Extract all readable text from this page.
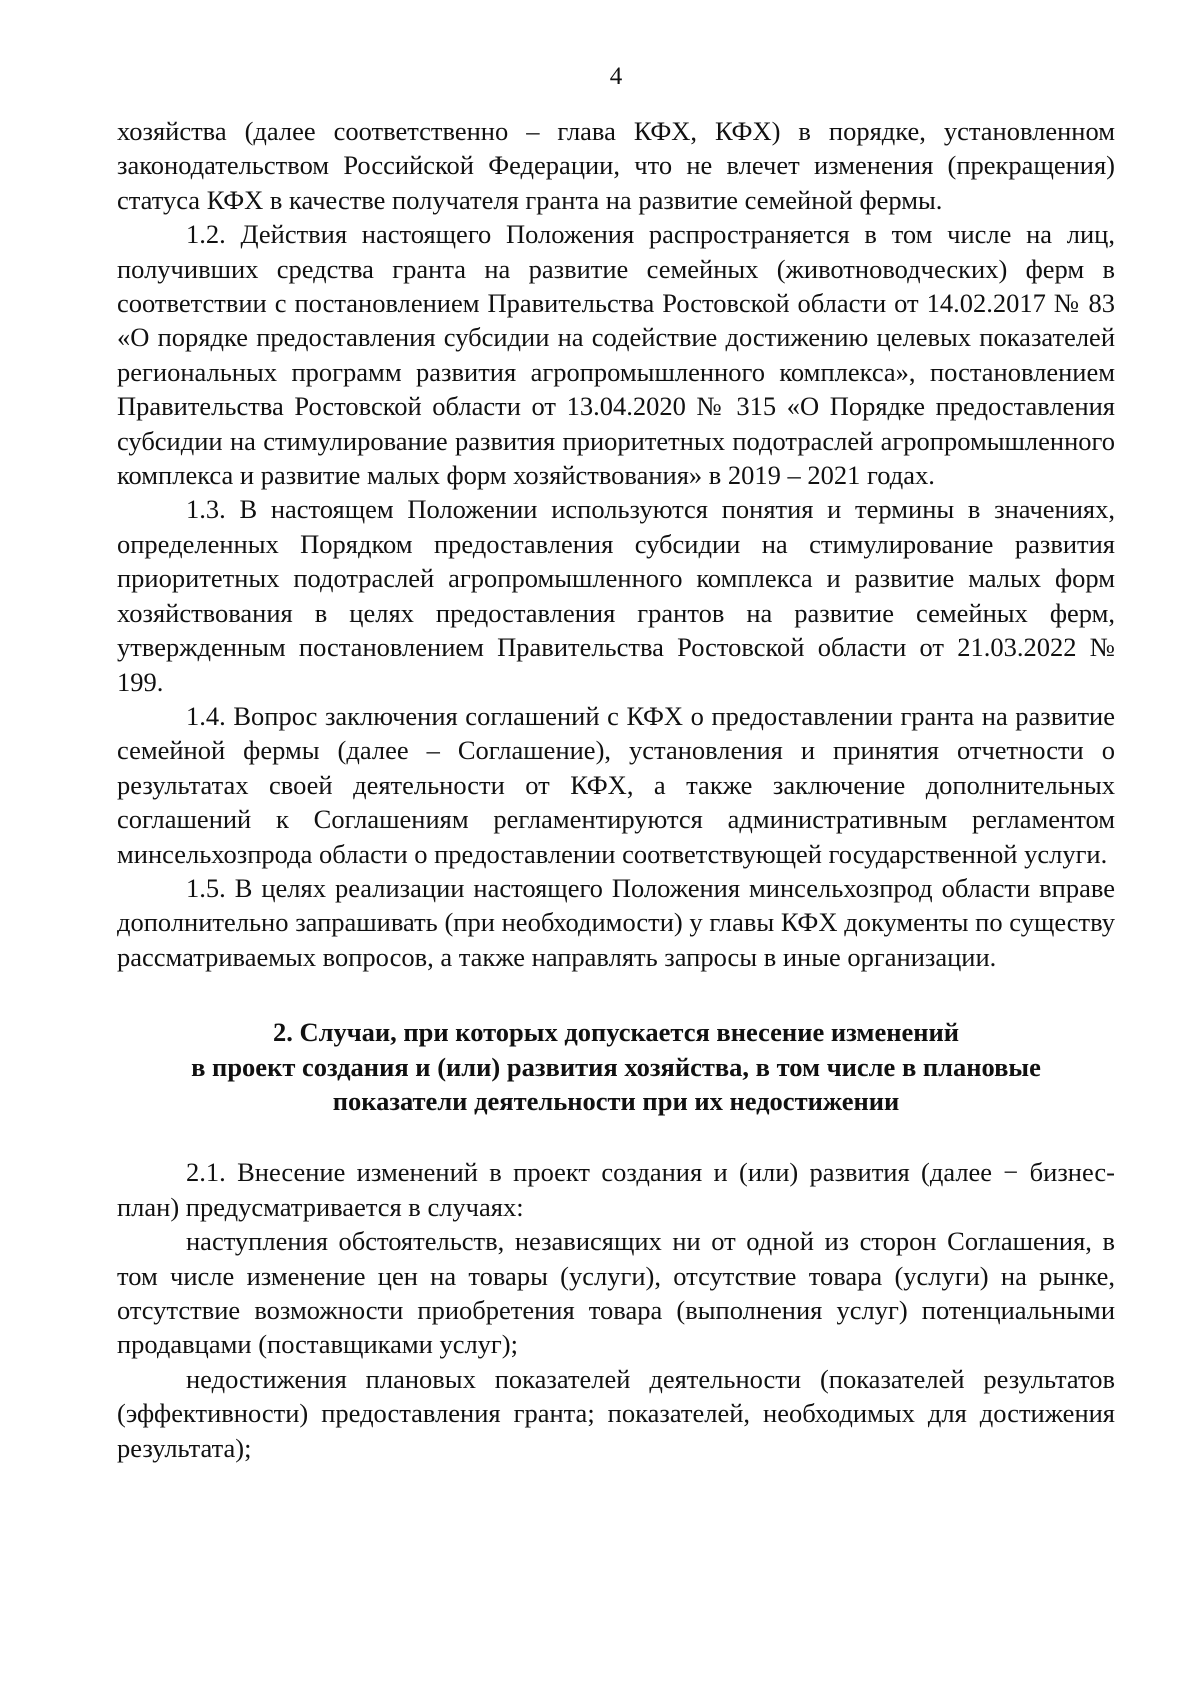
4

хозяйства (далее соответственно – глава КФХ, КФХ) в порядке, установленном законодательством Российской Федерации, что не влечет изменения (прекращения) статуса КФХ в качестве получателя гранта на развитие семейной фермы.

1.2. Действия настоящего Положения распространяется в том числе на лиц, получивших средства гранта на развитие семейных (животноводческих) ферм в соответствии с постановлением Правительства Ростовской области от 14.02.2017 № 83 «О порядке предоставления субсидии на содействие достижению целевых показателей региональных программ развития агропромышленного комплекса», постановлением Правительства Ростовской области от 13.04.2020 № 315 «О Порядке предоставления субсидии на стимулирование развития приоритетных подотраслей агропромышленного комплекса и развитие малых форм хозяйствования» в 2019 – 2021 годах.

1.3. В настоящем Положении используются понятия и термины в значениях, определенных Порядком предоставления субсидии на стимулирование развития приоритетных подотраслей агропромышленного комплекса и развитие малых форм хозяйствования в целях предоставления грантов на развитие семейных ферм, утвержденным постановлением Правительства Ростовской области от 21.03.2022 № 199.

1.4. Вопрос заключения соглашений с КФХ о предоставлении гранта на развитие семейной фермы (далее – Соглашение), установления и принятия отчетности о результатах своей деятельности от КФХ, а также заключение дополнительных соглашений к Соглашениям регламентируются административным регламентом минсельхозпрода области о предоставлении соответствующей государственной услуги.

1.5. В целях реализации настоящего Положения минсельхозпрод области вправе дополнительно запрашивать (при необходимости) у главы КФХ документы по существу рассматриваемых вопросов, а также направлять запросы в иные организации.

2. Случаи, при которых допускается внесение изменений
в проект создания и (или) развития хозяйства, в том числе в плановые
показатели деятельности при их недостижении

2.1. Внесение изменений в проект создания и (или) развития (далее − бизнес-план) предусматривается в случаях:

наступления обстоятельств, независящих ни от одной из сторон Соглашения, в том числе изменение цен на товары (услуги), отсутствие товара (услуги) на рынке, отсутствие возможности приобретения товара (выполнения услуг) потенциальными продавцами (поставщиками услуг);

недостижения плановых показателей деятельности (показателей результатов (эффективности) предоставления гранта; показателей, необходимых для достижения результата);
